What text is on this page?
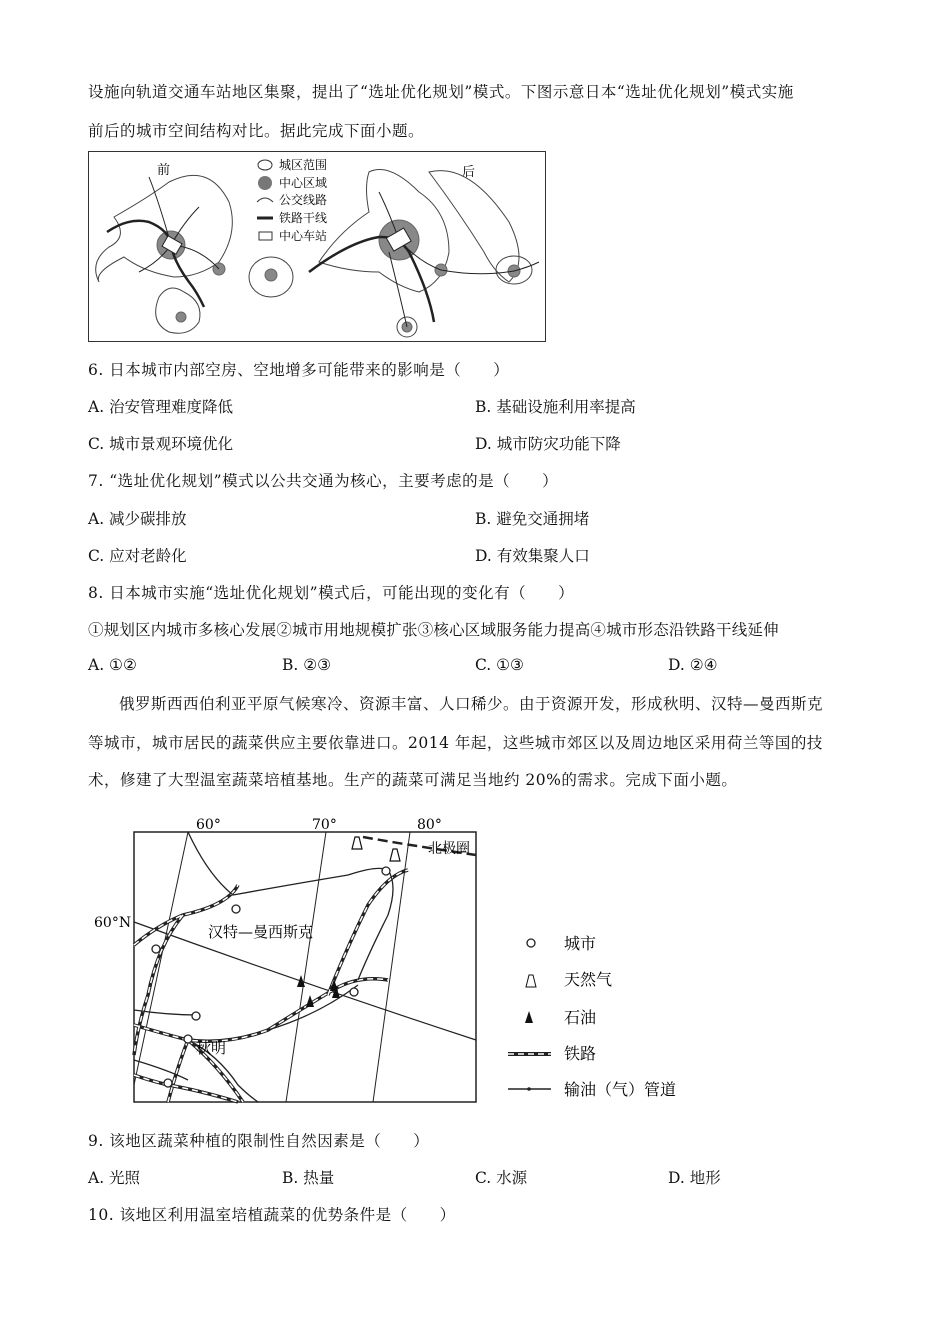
设施向轨道交通车站地区集聚，提出了“选址优化规划”模式。下图示意日本“选址优化规划”模式实施
前后的城市空间结构对比。据此完成下面小题。
前	后
城区范围
中心区域
公交线路
铁路干线
中心车站
6. 日本城市内部空房、空地增多可能带来的影响是（　　）
A. 治安管理难度降低	B. 基础设施利用率提高
C. 城市景观环境优化	D. 城市防灾功能下降
7. “选址优化规划”模式以公共交通为核心，主要考虑的是（　　）
A. 减少碳排放	B. 避免交通拥堵
C. 应对老龄化	D. 有效集聚人口
8. 日本城市实施“选址优化规划”模式后，可能出现的变化有（　　）
①规划区内城市多核心发展②城市用地规模扩张③核心区域服务能力提高④城市形态沿铁路干线延伸
A. ①②	B. ②③	C. ①③	D. ②④
俄罗斯西西伯利亚平原气候寒冷、资源丰富、人口稀少。由于资源开发，形成秋明、汉特—曼西斯克
等城市，城市居民的蔬菜供应主要依靠进口。2014 年起，这些城市郊区以及周边地区采用荷兰等国的技
术，修建了大型温室蔬菜培植基地。生产的蔬菜可满足当地约 20%的需求。完成下面小题。
60°	70°	80°
60°N
北极圈
汉特—曼西斯克
秋明
城市
天然气
石油
铁路
输油（气）管道
9. 该地区蔬菜种植的限制性自然因素是（　　）
A. 光照	B. 热量	C. 水源	D. 地形
10. 该地区利用温室培植蔬菜的优势条件是（　　）
